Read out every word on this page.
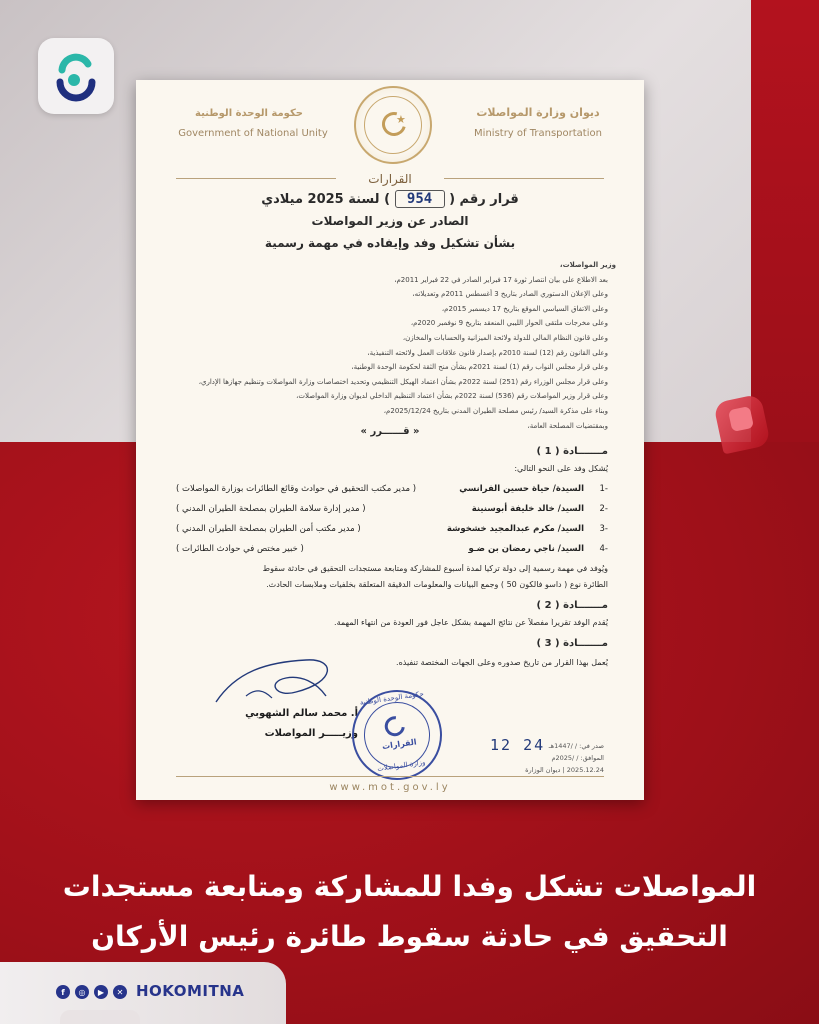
حكومة الوحدة الوطنية
Government of National Unity
★
ديوان وزارة المواصلات
Ministry of Transportation
القرارات
قرار رقم ( 954 ) لسنة 2025 ميلادي
الصادر عن وزير المواصلات
بشأن تشكيل وفد وإيفاده في مهمة رسمية
وزير المواصلات،
بعد الاطلاع على بيان انتصار ثورة 17 فبراير الصادر في 22 فبراير 2011م،
وعلى الإعلان الدستوري الصادر بتاريخ 3 أغسطس 2011م وتعديلاته،
وعلى الاتفاق السياسي الموقع بتاريخ 17 ديسمبر 2015م،
وعلى مخرجات ملتقى الحوار الليبي المنعقد بتاريخ 9 نوفمبر 2020م،
وعلى قانون النظام المالي للدولة ولائحة الميزانية والحسابات والمخازن،
وعلى القانون رقم (12) لسنة 2010م بإصدار قانون علاقات العمل ولائحته التنفيذية،
وعلى قرار مجلس النواب رقم (1) لسنة 2021م بشأن منح الثقة لحكومة الوحدة الوطنية،
وعلى قرار مجلس الوزراء رقم (251) لسنة 2022م بشأن اعتماد الهيكل التنظيمي وتحديد اختصاصات وزارة المواصلات وتنظيم جهازها الإداري،
وعلى قرار وزير المواصلات رقم (536) لسنة 2022م بشأن اعتماد التنظيم الداخلي لديوان وزارة المواصلات،
وبناء على مذكرة السيد/ رئيس مصلحة الطيران المدني بتاريخ 2025/12/24م،
وبمقتضيات المصلحة العامة،
« قــــــرر »
مـــــــادة ( 1 )
يُشكل وفد على النحو التالي:
-1
السيدة/ حياة حسين الفرانسي
( مدير مكتب التحقيق في حوادث وقائع الطائرات بوزارة المواصلات )
-2
السيد/ خالد خليفة أبوسنينة
( مدير إدارة سلامة الطيران بمصلحة الطيران المدني )
-3
السيد/ مكرم عبدالمجيد خشخوشة
( مدير مكتب أمن الطيران بمصلحة الطيران المدني )
-4
السيد/ ناجي رمضان بن ضـو
( خبير مختص في حوادث الطائرات )
ويُوفد في مهمة رسمية إلى دولة تركيا لمدة أسبوع للمشاركة ومتابعة مستجدات التحقيق في حادثة سقوط
الطائرة نوع ( داسو فالكون 50 ) وجمع البيانات والمعلومات الدقيقة المتعلقة بخلفيات وملابسات الحادث.
مـــــــادة ( 2 )
يُقدم الوفد تقريراً مفصلاً عن نتائج المهمة بشكل عاجل فور العودة من انتهاء المهمة.
مـــــــادة ( 3 )
يُعمل بهذا القرار من تاريخ صدوره وعلى الجهات المختصة تنفيذه.
أ. محمد سالم الشهوبي
وزيـــــر المواصلات
حكومة الوحدة الوطنية
القرارات
وزارة المواصلات
12 24 صدر في: / /1447هـ
الموافق: / /2025م
2025.12.24 | ديوان الوزارة
www.mot.gov.ly
المواصلات تشكل وفدا للمشاركة ومتابعة مستجدات
التحقيق في حادثة سقوط طائرة رئيس الأركان
f	◎	▶	✕ HOKOMITNA
